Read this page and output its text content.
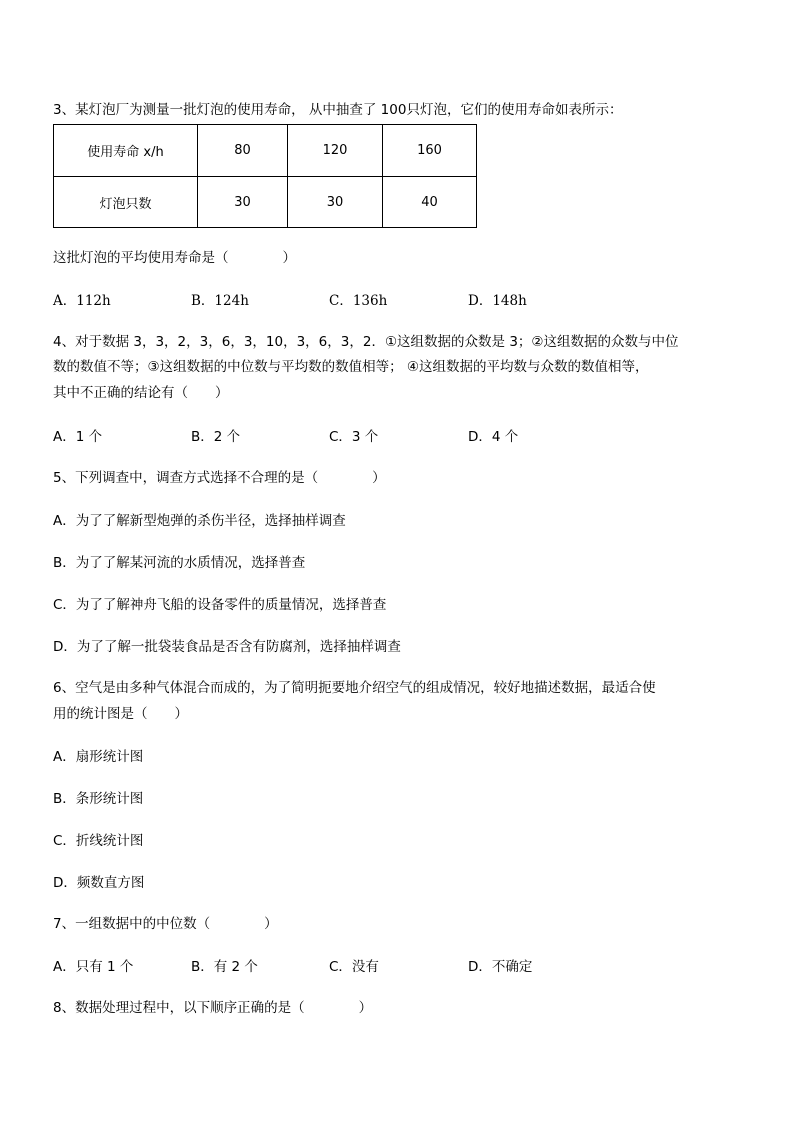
3、某灯泡厂为测量一批灯泡的使用寿命， 从中抽查了 100只灯泡，它们的使用寿命如表所示：
使用寿命 x/h	80	120	160
灯泡只数	30	30	40
这批灯泡的平均使用寿命是（　　　　）
A．112h	B．124h	C．136h	D．148h
4、对于数据 3，3，2，3，6，3，10，3，6，3，2．①这组数据的众数是 3；②这组数据的众数与中位
数的数值不等；③这组数据的中位数与平均数的数值相等； ④这组数据的平均数与众数的数值相等，
其中不正确的结论有（　　）
A．1 个	B．2 个	C．3 个	D．4 个
5、下列调查中，调查方式选择不合理的是（　　　　）
A．为了了解新型炮弹的杀伤半径，选择抽样调查
B．为了了解某河流的水质情况，选择普查
C．为了了解神舟飞船的设备零件的质量情况，选择普查
D．为了了解一批袋装食品是否含有防腐剂，选择抽样调查
6、空气是由多种气体混合而成的，为了简明扼要地介绍空气的组成情况，较好地描述数据，最适合使
用的统计图是（　　）
A．扇形统计图
B．条形统计图
C．折线统计图
D．频数直方图
7、一组数据中的中位数（　　　　）
A．只有 1 个	B．有 2 个	C．没有	D．不确定
8、数据处理过程中，以下顺序正确的是（　　　　）
